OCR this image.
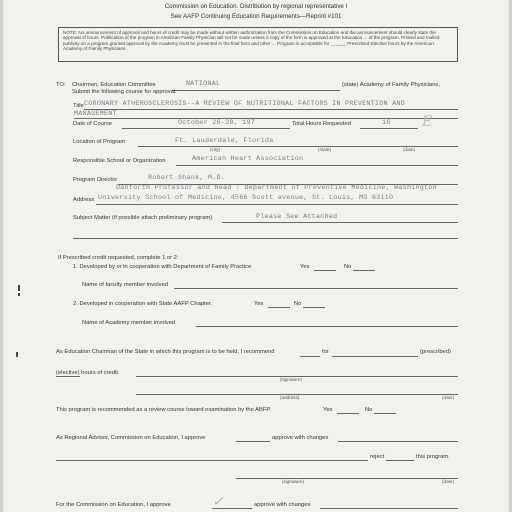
Commission on Education. Distribution by regional representative I
See AAFP Continuing Education Requirements—Reprint #101
NOTE: No announcement of approval and hours of credit may be made without written authorization from the Commission on Education and the announcement should clearly state the approval of hours. Publication of the program in American Family Physician will not be made unless a copy of the form is approved at the Education ... of the program. Printed and mailed publicity on a program granted approval by the Academy must be presented in the final form and other ... Program is acceptable for ______ Prescribed-Elective hours by the American Academy of Family Physicians.
TO: Chairman, Education Committee	NATIONAL	(state) Academy of Family Physicians,
Submit the following course for approval:
Title CORONARY ATHEROSCLEROSIS--A REVIEW OF NUTRITIONAL FACTORS IN PREVENTION AND
MANAGEMENT
Date of Course	October 26-28, 197	Total Hours Requested	16 E
Location of Program	Ft. Lauderdale, Florida
(city)	(state)	(date)
Responsible School or Organization	American Heart Association
Program Director	Robert Shank, M.D.
Danforth Professor and Head : Department of Preventive Medicine, Washington
Address University School of Medicine, 4566 Scott avenue, St. Louis, MO 63110
Subject Matter (if possible attach preliminary program)	Please See Attached
If Prescribed credit requested, complete 1 or 2:
1. Developed by or in cooperation with Department of Family Practice	Yes	No
Name of faculty member involved
2. Developed in cooperation with State AAFP Chapter.	Yes	No
Name of Academy member involved
As Education Chairman of the State in which this program is to be held, I recommend	for	(prescribed)
(elective) hours of credit.
(signature)
(address)	(date)
This program is recommended as a review course toward examination by the ABFP.	Yes	No
As Regional Advisor, Commission on Education, I approve	approve with changes
reject	this program.
(signature)	(date)
For the Commission on Education, I approve	approve with changes
✓
